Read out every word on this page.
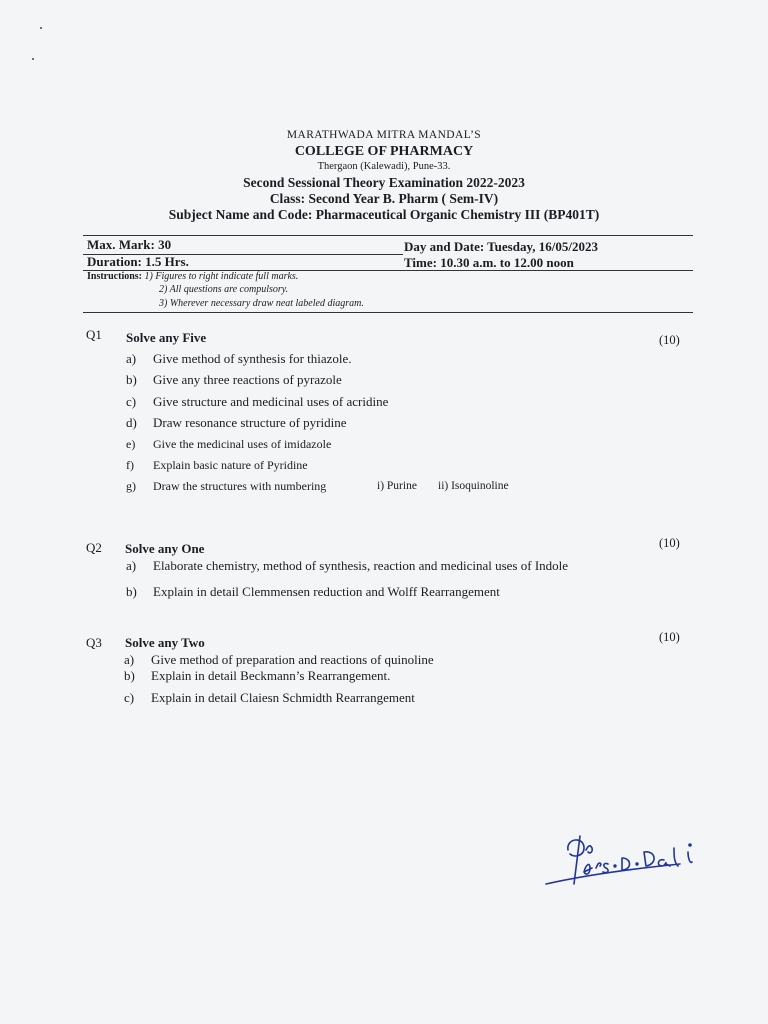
MARATHWADA MITRA MANDAL’S
COLLEGE OF PHARMACY
Thergaon (Kalewadi), Pune-33.
Second Sessional Theory Examination 2022-2023
Class: Second Year B. Pharm ( Sem-IV)
Subject Name and Code: Pharmaceutical Organic Chemistry III (BP401T)
Max. Mark: 30	Day and Date: Tuesday, 16/05/2023
Duration: 1.5 Hrs.	Time: 10.30 a.m. to 12.00 noon
Instructions: 1) Figures to right indicate full marks.
2) All questions are compulsory.
3) Wherever necessary draw neat labeled diagram.
Q1 Solve any Five	(10)
a) Give method of synthesis for thiazole.
b) Give any three reactions of pyrazole
c) Give structure and medicinal uses of acridine
d) Draw resonance structure of pyridine
e) Give the medicinal uses of imidazole
f) Explain basic nature of Pyridine
g) Draw the structures with numbering	i) Purine ii) Isoquinoline
Q2 Solve any One	(10)
a) Elaborate chemistry, method of synthesis, reaction and medicinal uses of Indole
b) Explain in detail Clemmensen reduction and Wolff Rearrangement
Q3 Solve any Two	(10)
a) Give method of preparation and reactions of quinoline
b) Explain in detail Beckmann’s Rearrangement.
c) Explain in detail Claiesn Schmidth Rearrangement
